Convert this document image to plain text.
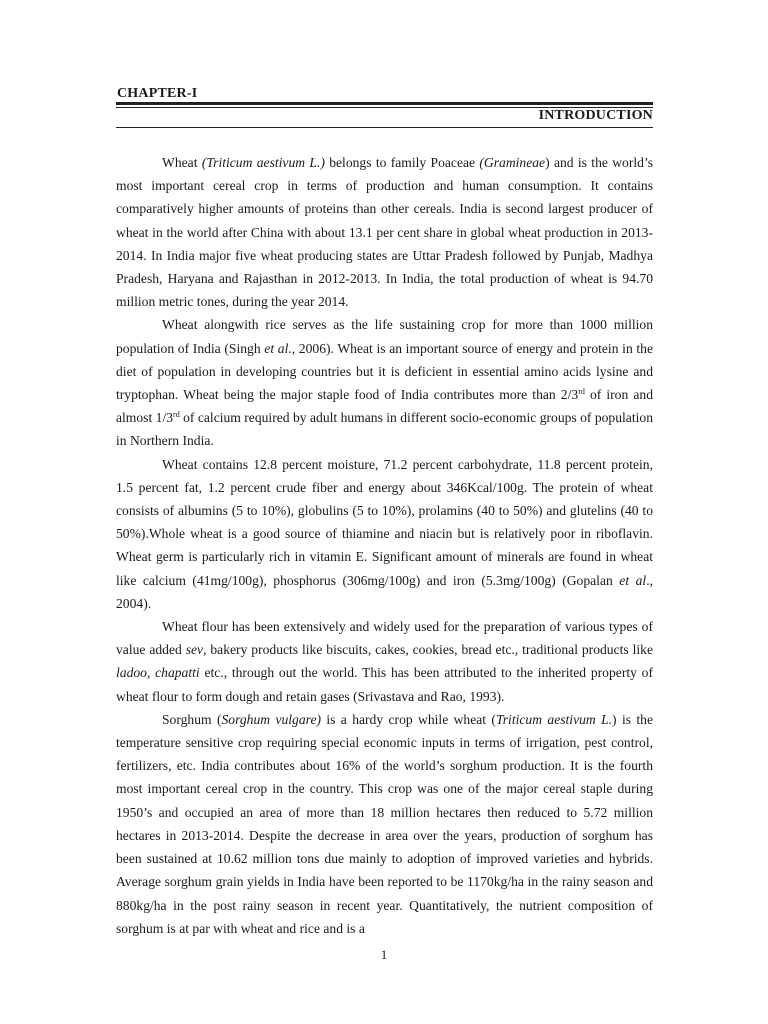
CHAPTER-I
INTRODUCTION

Wheat (Triticum aestivum L.) belongs to family Poaceae (Gramineae) and is the world’s most important cereal crop in terms of production and human consumption. It contains comparatively higher amounts of proteins than other cereals. India is second largest producer of wheat in the world after China with about 13.1 per cent share in global wheat production in 2013-2014. In India major five wheat producing states are Uttar Pradesh followed by Punjab, Madhya Pradesh, Haryana and Rajasthan in 2012-2013. In India, the total production of wheat is 94.70 million metric tones, during the year 2014.

Wheat alongwith rice serves as the life sustaining crop for more than 1000 million population of India (Singh et al., 2006). Wheat is an important source of energy and protein in the diet of population in developing countries but it is deficient in essential amino acids lysine and tryptophan. Wheat being the major staple food of India contributes more than 2/3rd of iron and almost 1/3rd of calcium required by adult humans in different socio-economic groups of population in Northern India.

Wheat contains 12.8 percent moisture, 71.2 percent carbohydrate, 11.8 percent protein, 1.5 percent fat, 1.2 percent crude fiber and energy about 346Kcal/100g. The protein of wheat consists of albumins (5 to 10%), globulins (5 to 10%), prolamins (40 to 50%) and glutelins (40 to 50%).Whole wheat is a good source of thiamine and niacin but is relatively poor in riboflavin. Wheat germ is particularly rich in vitamin E. Significant amount of minerals are found in wheat like calcium (41mg/100g), phosphorus (306mg/100g) and iron (5.3mg/100g) (Gopalan et al., 2004).

Wheat flour has been extensively and widely used for the preparation of various types of value added sev, bakery products like biscuits, cakes, cookies, bread etc., traditional products like ladoo, chapatti etc., through out the world. This has been attributed to the inherited property of wheat flour to form dough and retain gases (Srivastava and Rao, 1993).

Sorghum (Sorghum vulgare) is a hardy crop while wheat (Triticum aestivum L.) is the temperature sensitive crop requiring special economic inputs in terms of irrigation, pest control, fertilizers, etc. India contributes about 16% of the world’s sorghum production. It is the fourth most important cereal crop in the country. This crop was one of the major cereal staple during 1950’s and occupied an area of more than 18 million hectares then reduced to 5.72 million hectares in 2013-2014. Despite the decrease in area over the years, production of sorghum has been sustained at 10.62 million tons due mainly to adoption of improved varieties and hybrids. Average sorghum grain yields in India have been reported to be 1170kg/ha in the rainy season and 880kg/ha in the post rainy season in recent year. Quantitatively, the nutrient composition of sorghum is at par with wheat and rice and is a

1
